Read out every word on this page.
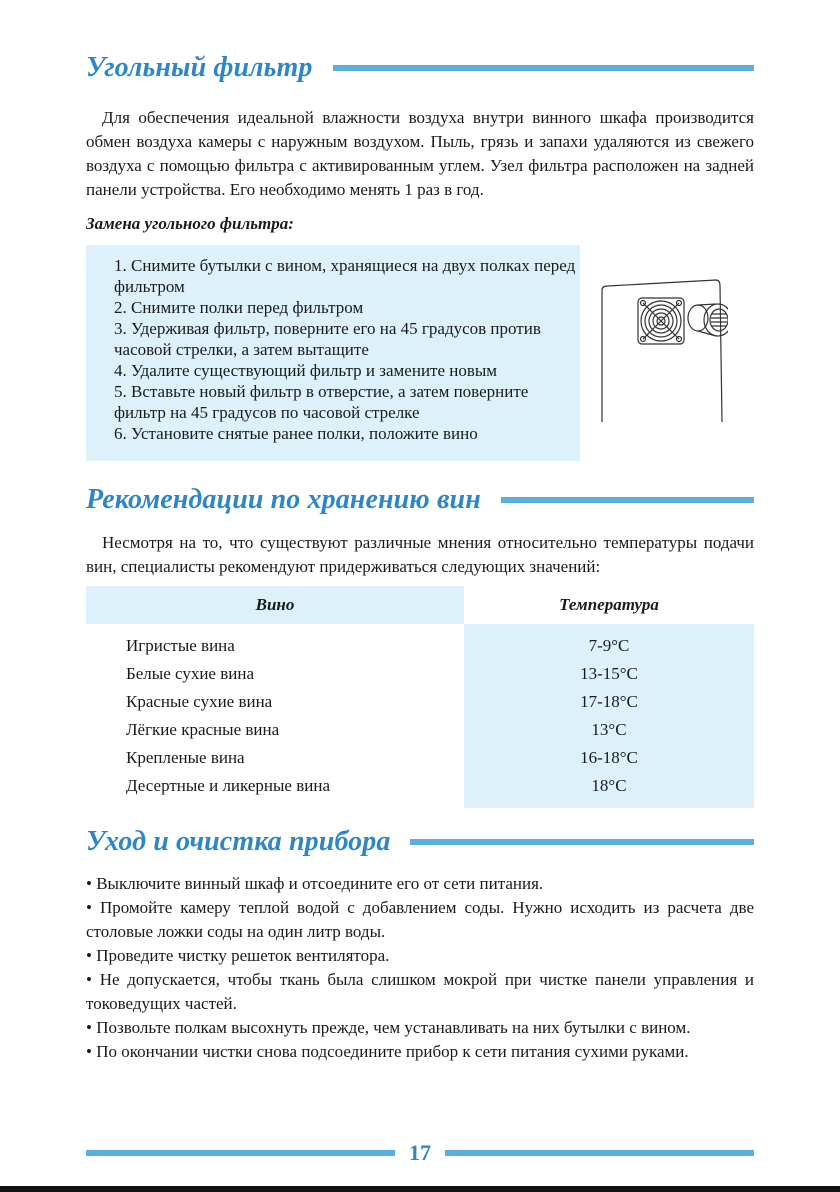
Угольный фильтр

Для обеспечения идеальной влажности воздуха внутри винного шкафа производится обмен воздуха камеры с наружным воздухом. Пыль, грязь и запахи удаляются из свежего воздуха с помощью фильтра с активированным углем. Узел фильтра расположен на задней панели устройства. Его необходимо менять 1 раз в год.

Замена угольного фильтра:

1. Снимите бутылки с вином, хранящиеся на двух полках перед фильтром
2. Снимите полки перед фильтром
3. Удерживая фильтр, поверните его на 45 градусов против часовой стрелки, а затем вытащите
4. Удалите существующий фильтр и замените новым
5. Вставьте новый фильтр в отверстие, а затем поверните фильтр на 45 градусов по часовой стрелке
6. Установите снятые ранее полки, положите вино
Рекомендации по хранению вин

Несмотря на то, что существуют различные мнения относительно температуры подачи вин, специалисты рекомендуют придерживаться следующих значений:

Вино	Температура

Игристые вина	7-9°C
Белые сухие вина	13-15°C
Красные сухие вина	17-18°C
Лёгкие красные вина	13°C
Крепленые вина	16-18°C
Десертные и ликерные вина	18°C

Уход и очистка прибора
• Выключите винный шкаф и отсоедините его от сети питания.
• Промойте камеру теплой водой с добавлением соды. Нужно исходить из расчета две столовые ложки соды на один литр воды.
• Проведите чистку решеток вентилятора.
• Не допускается, чтобы ткань была слишком мокрой при чистке панели управления и токоведущих частей.
• Позвольте полкам высохнуть прежде, чем устанавливать на них бутылки с вином.
• По окончании чистки снова подсоедините прибор к сети питания сухими руками.
17
